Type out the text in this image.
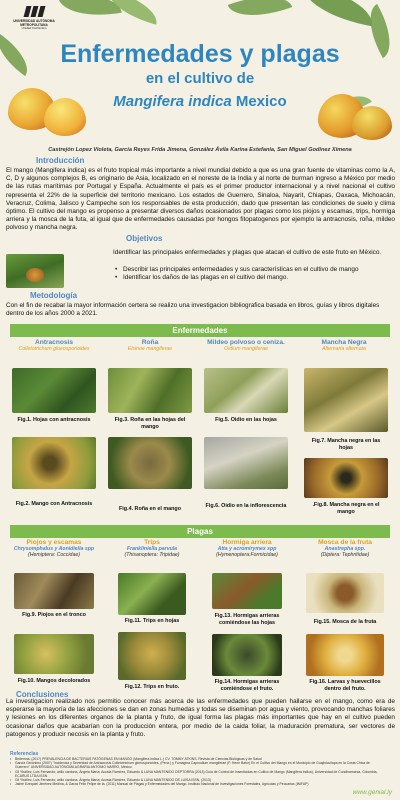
UNIVERSIDAD AUTÓNOMA METROPOLITANA
Unidad Xochimilco
Enfermedades y plagas
en el cultivo de
Mangifera indica Mexico
Castrejón Lopez Violeta, Garcia Reyes Frida Jimena, González Ávila Karina Estefania, San Miguel Godinez Ximena
Introducción
El mango (Mangifera indica) es el fruto tropical más importante a nivel mundial debido a que es una gran fuente de vitaminas como la A, C, D y algunos complejos B, es originario de Asia, localizado en el noreste de la India y al norte de burman ingreso a México por medio de las rutas marítimas por Portugal y España. Actualmente el país es el primer productor internacional y a nivel nacional el cultivo representa el 22% de la superficie del territorio mexicano. Los estados de Guerrero, Sinaloa, Nayarit, Chiapas, Oaxaca, Michoacán, Veracruz, Colima, Jalisco y Campeche son los responsables de esta producción, dado que presentan las condiciones de suelo y clima óptimo. El cultivo del mango es propenso a presentar diversos daños ocasionados por plagas como los piojos y escamas, trips, hormiga arriera y la mosca de la futa, al igual que de enfermedades causadas por hongos fitopatogenos por ejemplo la antracnosis, roña, mildeo polvoso y mancha negra.
Objetivos
Identificar las principales enfermedades y plagas que atacan el cultivo de este fruto en México.
• Describir las principales enfermedades y sus características en el cultivo de mango
• Identificar los daños de las plagas en el cultivo del mango.
Metodología
Con el fin de recabar la mayor información certera se realizo una investigacion bibliografica basada en libros, guías y libros digitales dentro de los años 2000 a 2021.
Enfermedades
Antracnosis
Colletotrichum gloeosporioides
Fig.1. Hojas con antracnosis
Fig.2. Mango con Antracnosis
Roña
Elsinoe mangiferae
Fig.3. Roña en las hojas del mango
Fig.4. Roña en el mango
Mildeo polvoso o ceniza.
Oidium mangiferae
Fig.5. Oidio en las hojas
Fig.6. Oidio en la inflorescencia
Mancha Negra
Alternaria alternata
Fig.7. Mancha negra en las hojas
.Fig.8. Mancha negra en el mango
Plagas
Piojos y escamas
Chrysomphalus y Aonidiella spp
(Hemiptera: Coccidae)
Fig.9. Piojos en el tronco
Fig.10. Mangos decolorados
Trips
Frankliniella parvula
(Thisanoptera: Tripidae)
Fig.11. Trips en hojas
Fig.12. Trips en fruto.
Hormiga arriera
Atta y acromirymex spp
(Hymenoptera:Formicidae)
Fig.13. Hormigas arrieras comiéndose las hojas
Fig.14. Hormigas arrieras comiéndose el fruto.
Mosca de la fruta
Anastrepha spp.
(Diptera: Tephritidae)
Fig.15. Mosca de la fruta
Fig.16. Larvas y huevecillos dentro del fruto.
Conclusiones
La investigacion realizado nos permitio conocer más acerca de las enfermedades que pueden hallarse en el mango, como era de esperarse la mayoría de las afecciones se dan en zonas humedas y todas se diseminan por agua y viento, provocando manchas foliares y lesiones en los diferentes organos de la planta y fruto, de igual forma las plagas más importantes que hay en el cultivo pueden ocasionar daños que acabarían con la producción entera, por medio de la caida foliar, la maduración prematura, ser vectores de patogenos y producir necosis en la planta y fruto.
Referencias
• Bedemna. (2017) PREVALENCIA DE BACTERIAS PATÓGENAS EN MANGO (Mangifera indica L.) CV. TOMMY ATKINS. Revista de Ciencias Biológicas y de Salud
• García Gerónimo (2007) "Incidencia y Severidad de Antracnosis Colletotrichum gloeosporioides, (Penz.) y Fumagina Capnodium mangiferae (P. Henn Bator) En el Cultivo del Mango en el Municipio de Guajinicuilapa en la Costa Chica de Guerrero" UNIVERSIDAD AUTÓNOMA AGRARIA ANTONIO NARRO, México
• Gil Ybáñez, Luis Fernando; ariilo cardona, Ángela María; Acosta Ramírez, Eduardo & LUNA MANTENIDO DEPTORRA (2013) Guía de Control de Insecticidas en Cultivo de Mango (Mangifera indica), Universidad de Cundinamarca, Colombia, ECARUS LTDA ISSN
• Gil Ybáñez, Luis Fernando; ariilo cardona, Ángela María; Acosta Ramírez, Eduardo & LUNA MANTENIDO DE LUISA ISSN, (2013)
• Jaime Ezequiel Jiménez Medina, & Garza Félix Felipe de la. (2011) Manual de Plagas y Enfermedades del Mango. Instituto Nacional de Investigaciones Forestales, Agrícolas y Pecuarias (INIFAP)
www.genial.ly
